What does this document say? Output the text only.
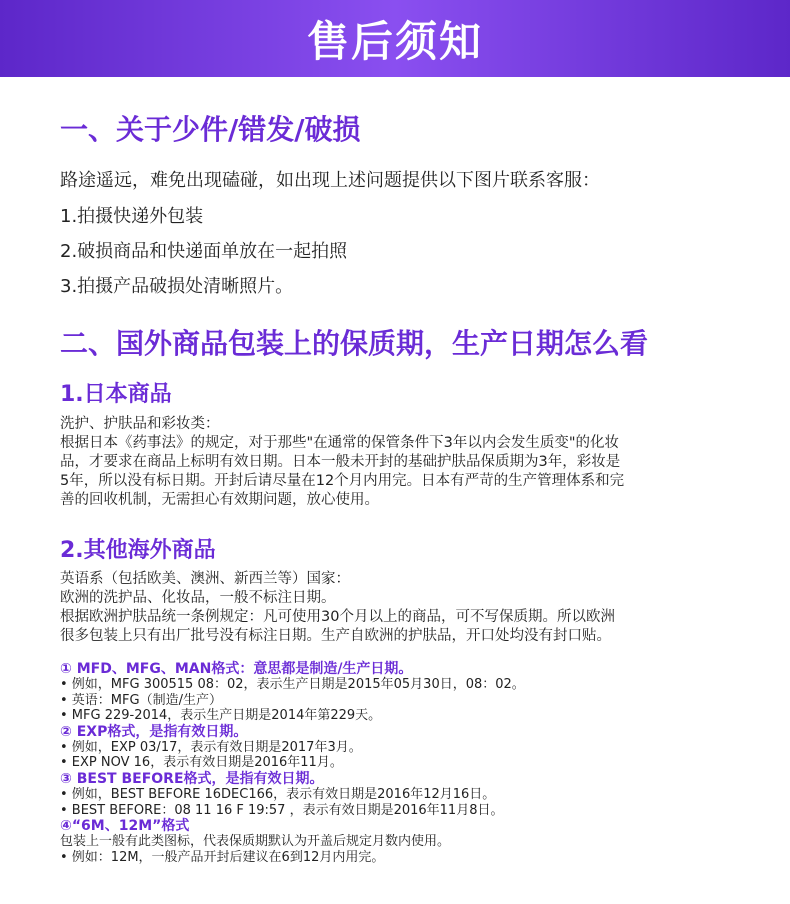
售后须知
一、关于少件/错发/破损
路途遥远，难免出现磕碰，如出现上述问题提供以下图片联系客服：
1.拍摄快递外包装
2.破损商品和快递面单放在一起拍照
3.拍摄产品破损处清晰照片。
二、国外商品包装上的保质期，生产日期怎么看
1.日本商品
洗护、护肤品和彩妆类：
根据日本《药事法》的规定，对于那些"在通常的保管条件下3年以内会发生质变"的化妆
品，才要求在商品上标明有效日期。日本一般未开封的基础护肤品保质期为3年，彩妆是
5年，所以没有标日期。开封后请尽量在12个月内用完。日本有严苛的生产管理体系和完
善的回收机制，无需担心有效期问题，放心使用。
2.其他海外商品
英语系（包括欧美、澳洲、新西兰等）国家：
欧洲的洗护品、化妆品，一般不标注日期。
根据欧洲护肤品统一条例规定：凡可使用30个月以上的商品，可不写保质期。所以欧洲
很多包装上只有出厂批号没有标注日期。生产自欧洲的护肤品，开口处均没有封口贴。
① MFD、MFG、MAN格式：意思都是制造/生产日期。
• 例如，MFG 300515 08：02，表示生产日期是2015年05月30日，08：02。
• 英语：MFG（制造/生产）
• MFG 229-2014，表示生产日期是2014年第229天。
② EXP格式，是指有效日期。
• 例如，EXP 03/17，表示有效日期是2017年3月。
• EXP NOV 16，表示有效日期是2016年11月。
③ BEST BEFORE格式，是指有效日期。
• 例如，BEST BEFORE 16DEC166，表示有效日期是2016年12月16日。
• BEST BEFORE：08 11 16 F 19:57 ，表示有效日期是2016年11月8日。
④“6M、12M”格式
包装上一般有此类图标，代表保质期默认为开盖后规定月数内使用。
• 例如：12M，一般产品开封后建议在6到12月内用完。
